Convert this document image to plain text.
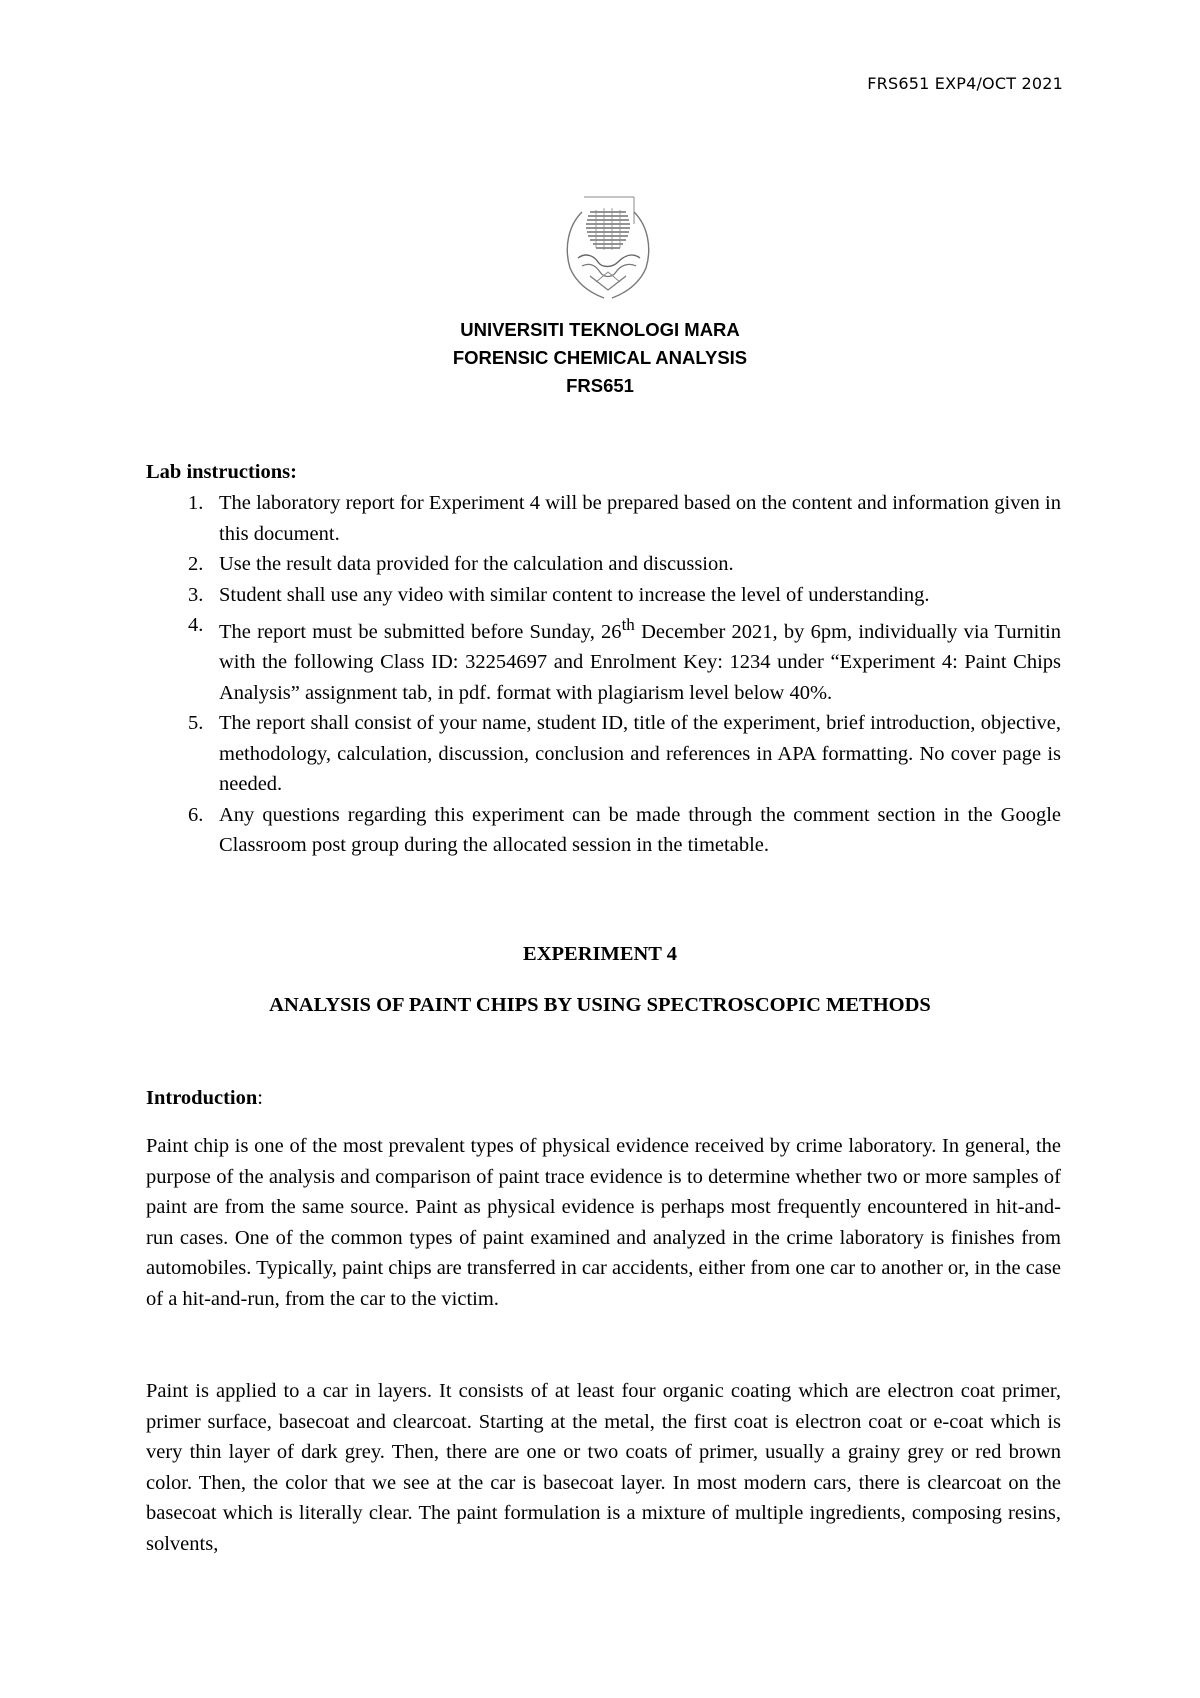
FRS651 EXP4/OCT 2021
UNIVERSITI TEKNOLOGI MARA
FORENSIC CHEMICAL ANALYSIS
FRS651
Lab instructions:
1. The laboratory report for Experiment 4 will be prepared based on the content and information given in this document.
2. Use the result data provided for the calculation and discussion.
3. Student shall use any video with similar content to increase the level of understanding.
4. The report must be submitted before Sunday, 26th December 2021, by 6pm, individually via Turnitin with the following Class ID: 32254697 and Enrolment Key: 1234 under “Experiment 4: Paint Chips Analysis” assignment tab, in pdf. format with plagiarism level below 40%.
5. The report shall consist of your name, student ID, title of the experiment, brief introduction, objective, methodology, calculation, discussion, conclusion and references in APA formatting. No cover page is needed.
6. Any questions regarding this experiment can be made through the comment section in the Google Classroom post group during the allocated session in the timetable.
EXPERIMENT 4
ANALYSIS OF PAINT CHIPS BY USING SPECTROSCOPIC METHODS
Introduction:

Paint chip is one of the most prevalent types of physical evidence received by crime laboratory. In general, the purpose of the analysis and comparison of paint trace evidence is to determine whether two or more samples of paint are from the same source. Paint as physical evidence is perhaps most frequently encountered in hit-and-run cases. One of the common types of paint examined and analyzed in the crime laboratory is finishes from automobiles. Typically, paint chips are transferred in car accidents, either from one car to another or, in the case of a hit-and-run, from the car to the victim.

Paint is applied to a car in layers. It consists of at least four organic coating which are electron coat primer, primer surface, basecoat and clearcoat. Starting at the metal, the first coat is electron coat or e-coat which is very thin layer of dark grey. Then, there are one or two coats of primer, usually a grainy grey or red brown color. Then, the color that we see at the car is basecoat layer. In most modern cars, there is clearcoat on the basecoat which is literally clear. The paint formulation is a mixture of multiple ingredients, composing resins, solvents,
